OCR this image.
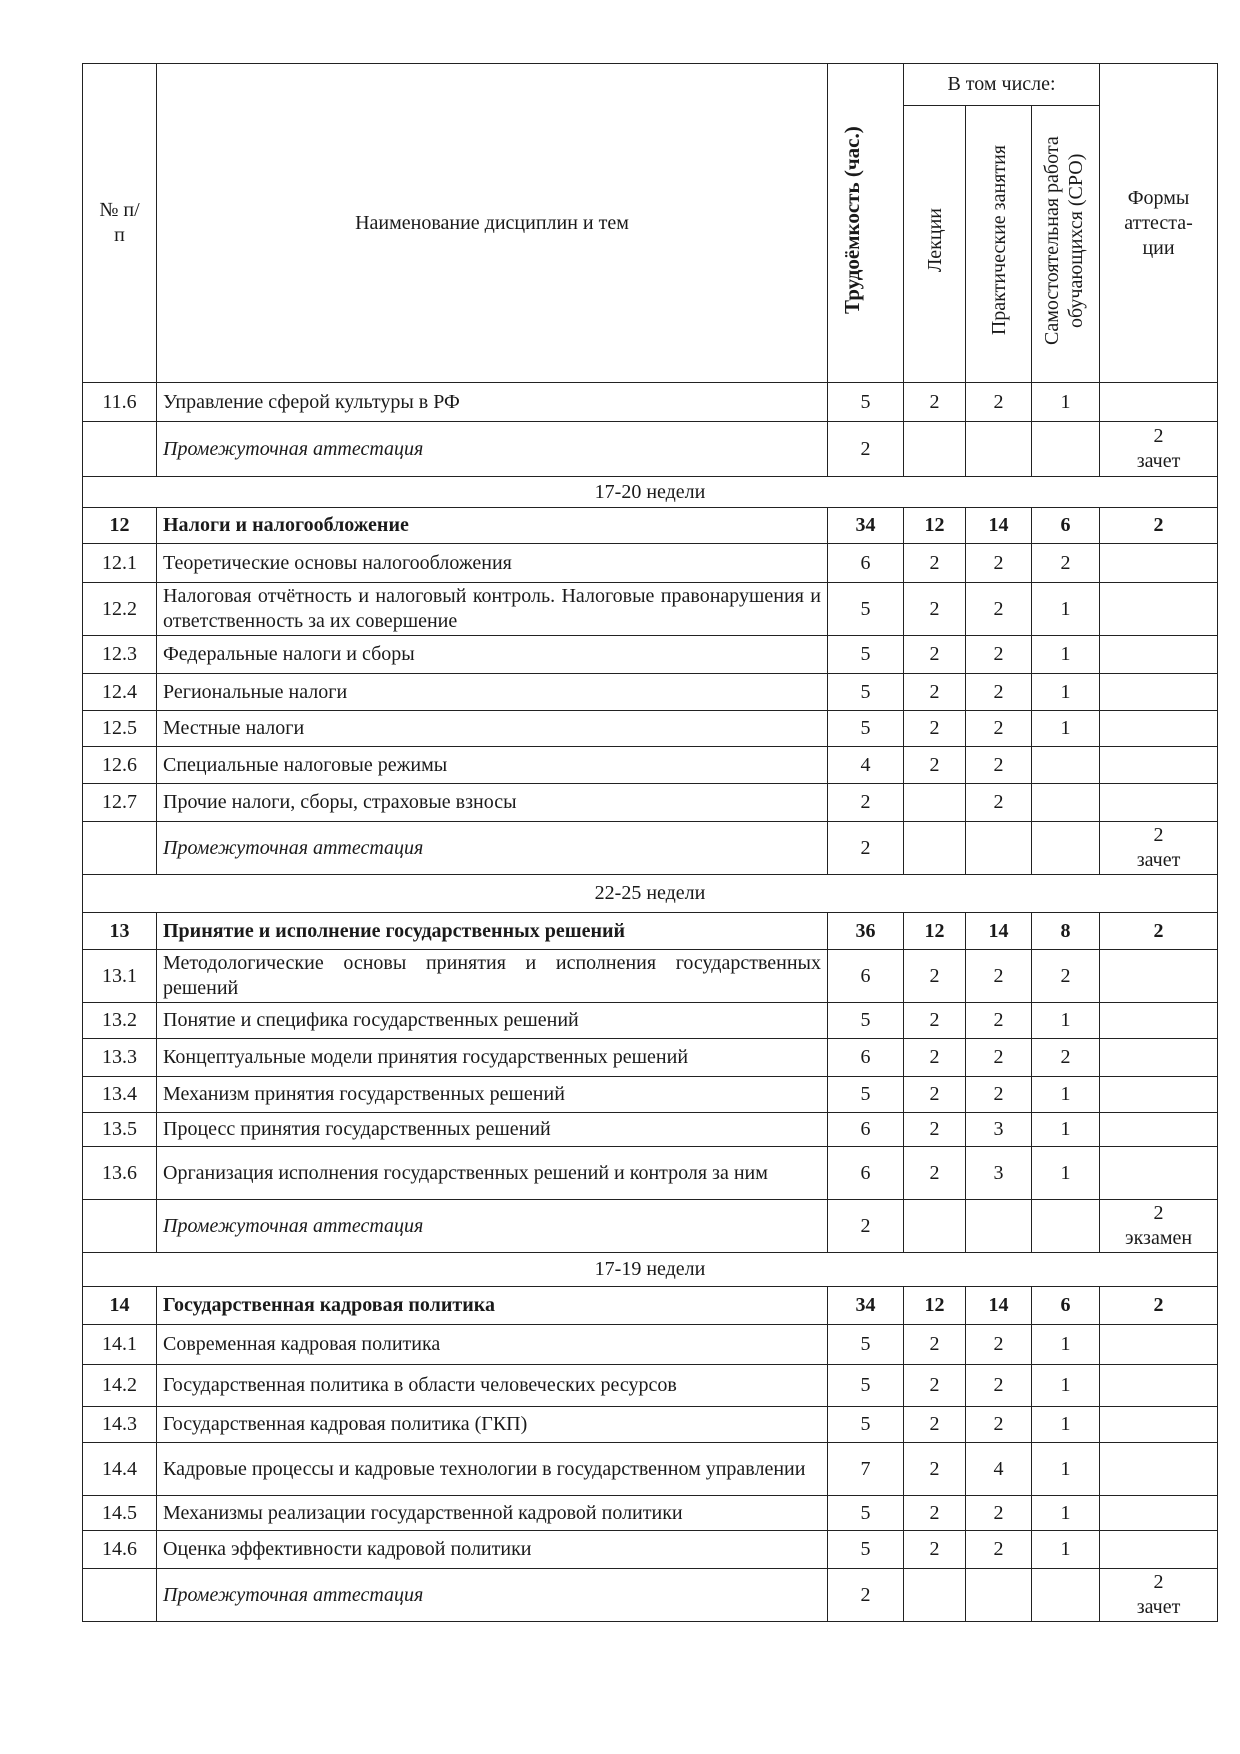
№ п/п	Наименование дисциплин и тем	Трудоёмкость (час.)	В том числе:			Формы аттеста-ции
			Лекции	Практические занятия	Самостоятельная работа обучающихся (СРО)	
11.6	Управление сферой культуры в РФ	5	2	2	1	
	Промежуточная аттестация	2				2
зачет

17-20 недели						
12	Налоги и налогообложение	34	12	14	6	2
12.1	Теоретические основы налогообложения	6	2	2	2	
12.2	Налоговая отчётность и налоговый контроль. Налоговые правонарушения и ответственность за их совершение	5	2	2	1	
12.3	Федеральные налоги и сборы	5	2	2	1	
12.4	Региональные налоги	5	2	2	1	
12.5	Местные налоги	5	2	2	1	
12.6	Специальные налоговые режимы	4	2	2		
12.7	Прочие налоги, сборы, страховые взносы	2		2		
	Промежуточная аттестация	2				2
зачет

22-25 недели						
13	Принятие и исполнение государственных решений	36	12	14	8	2
13.1	Методологические основы принятия и исполнения государственных решений	6	2	2	2	
13.2	Понятие и специфика государственных решений	5	2	2	1	
13.3	Концептуальные модели принятия государственных решений	6	2	2	2	
13.4	Механизм принятия государственных решений	5	2	2	1	
13.5	Процесс принятия государственных решений	6	2	3	1	
13.6	Организация исполнения государственных решений и контроля за ним	6	2	3	1	
	Промежуточная аттестация	2				2
экзамен

17-19 недели						
14	Государственная кадровая политика	34	12	14	6	2
14.1	Современная кадровая политика	5	2	2	1	
14.2	Государственная политика в области человеческих ресурсов	5	2	2	1	
14.3	Государственная кадровая политика (ГКП)	5	2	2	1	
14.4	Кадровые процессы и кадровые технологии в государственном управлении	7	2	4	1	
14.5	Механизмы реализации государственной кадровой политики	5	2	2	1	
14.6	Оценка эффективности кадровой политики	5	2	2	1	
	Промежуточная аттестация	2				2
зачет
